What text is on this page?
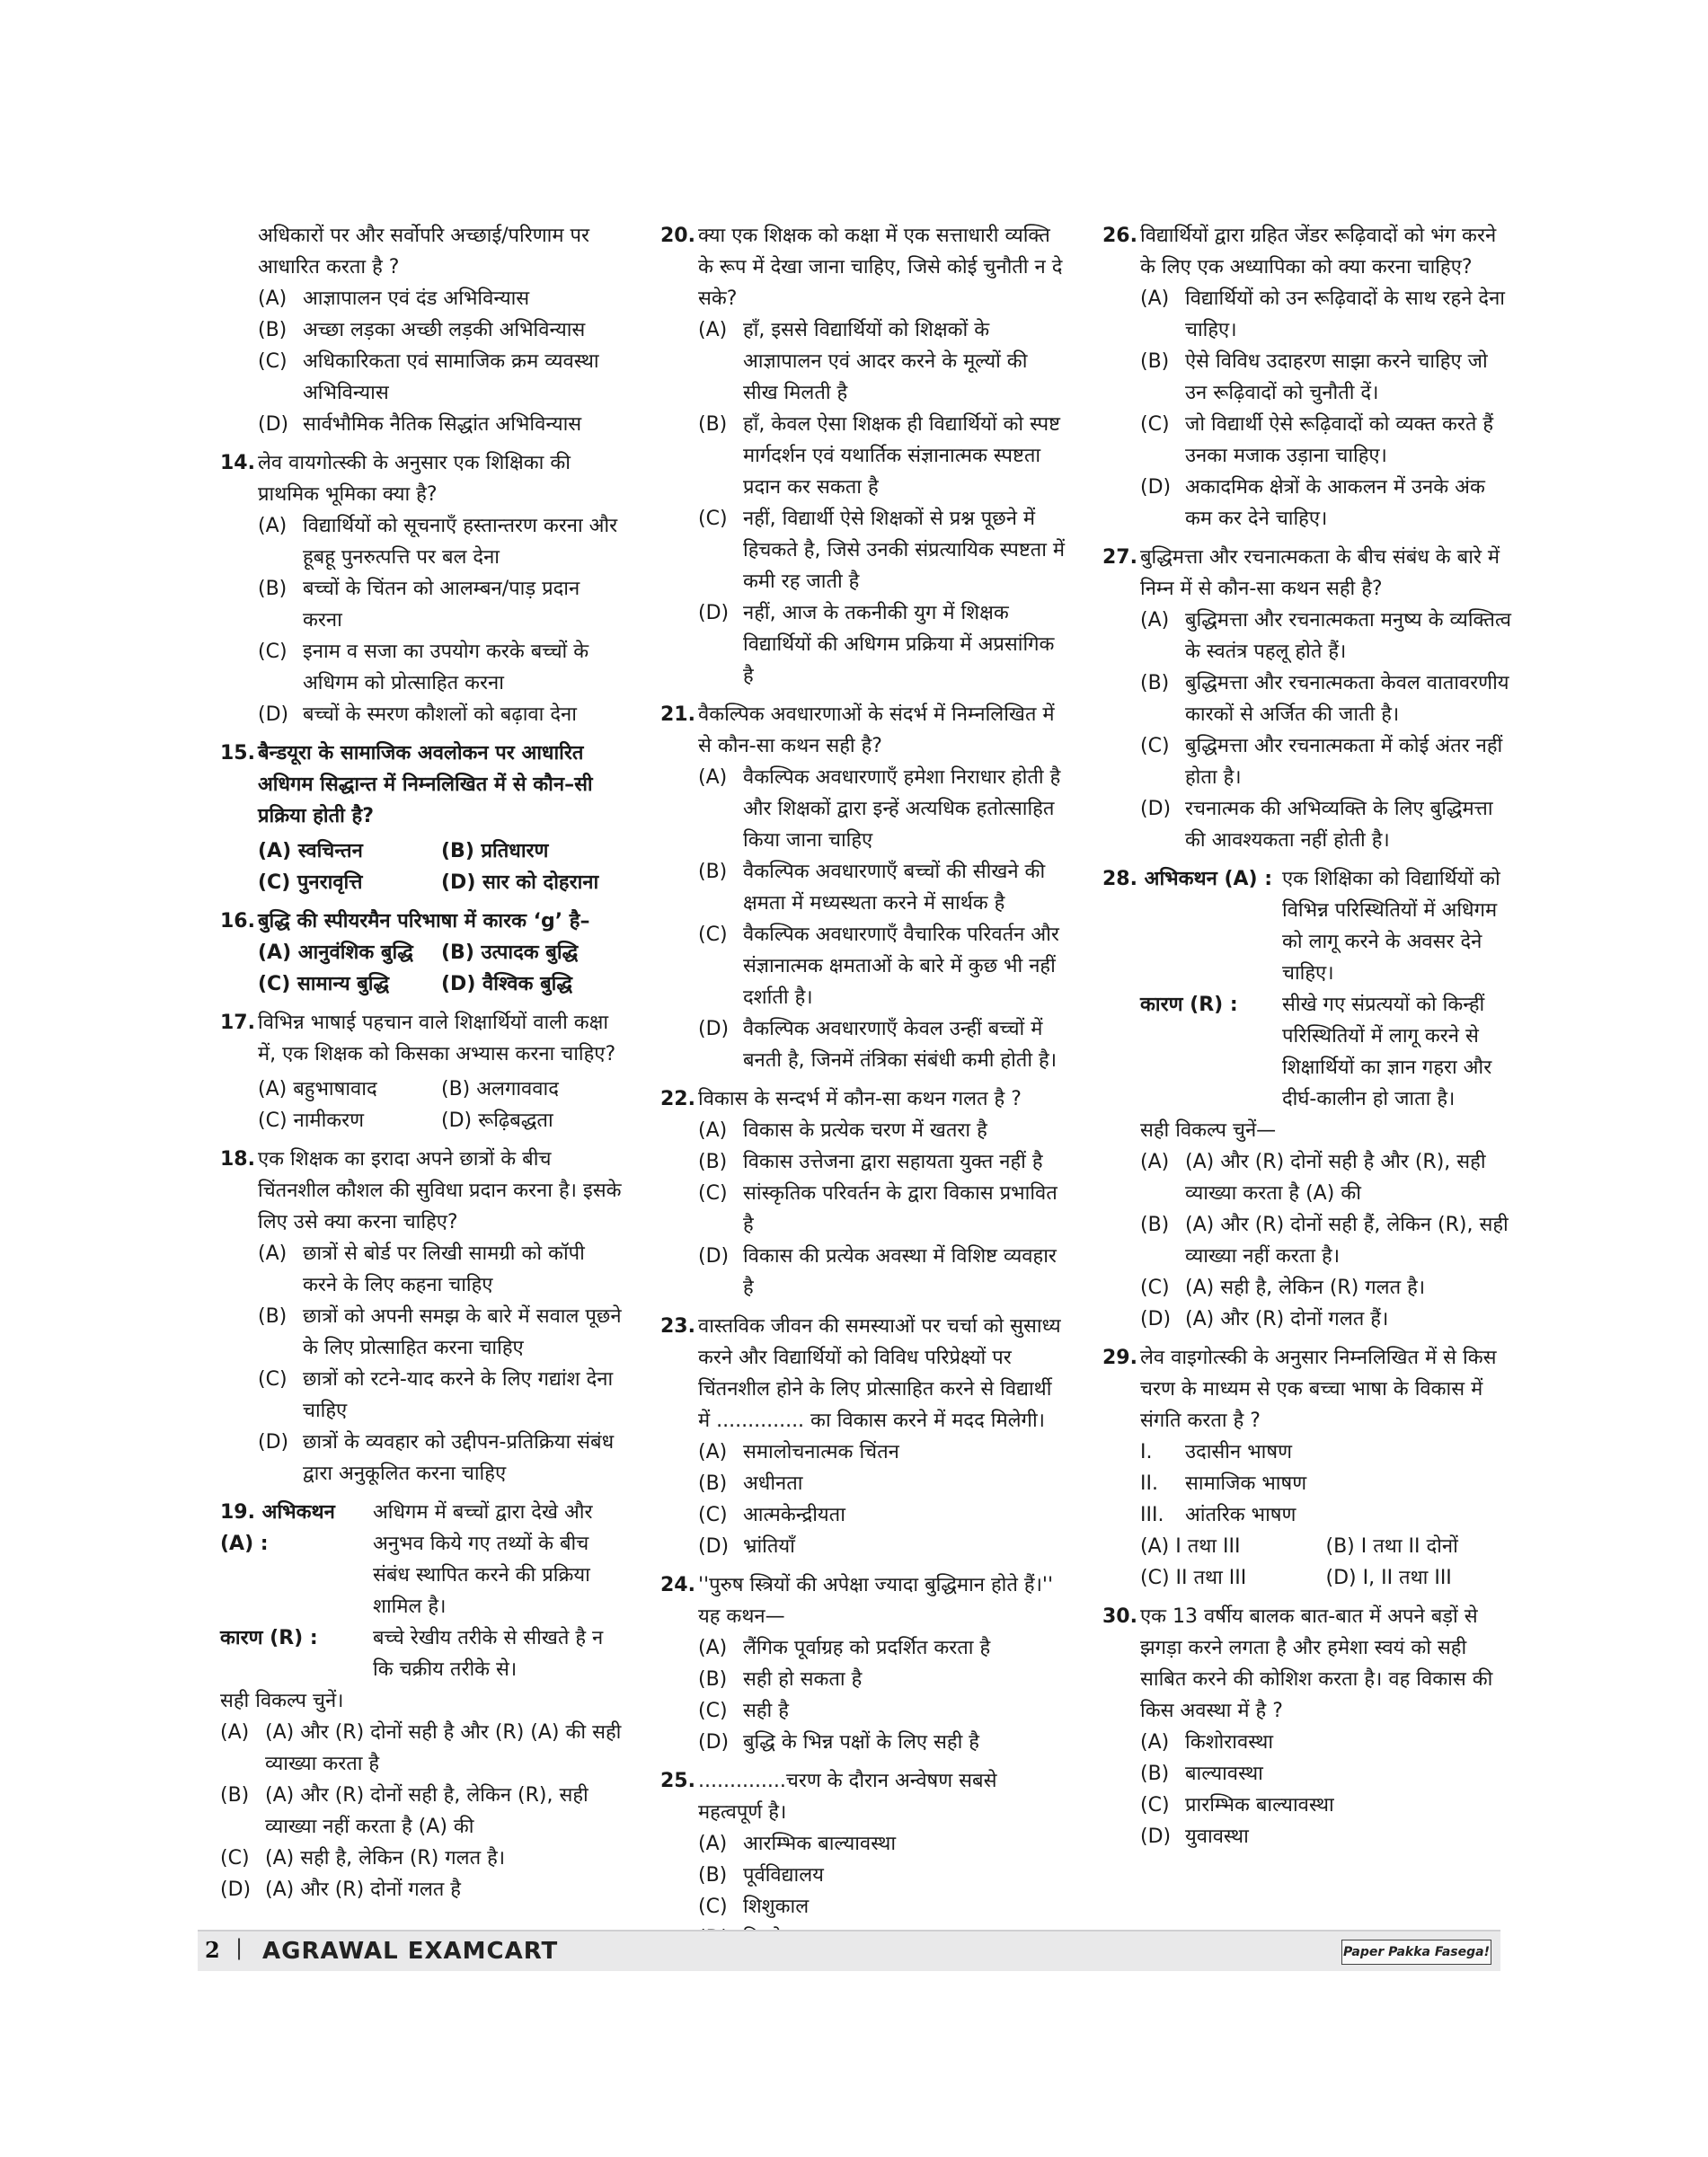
अधिकारों पर और सर्वोपरि अच्छाई/परिणाम पर आधारित करता है ?
(A) आज्ञापालन एवं दंड अभिविन्यास
(B) अच्छा लड़का अच्छी लड़की अभिविन्यास
(C) अधिकारिकता एवं सामाजिक क्रम व्यवस्था अभिविन्यास
(D) सार्वभौमिक नैतिक सिद्धांत अभिविन्यास
14. लेव वायगोत्स्की के अनुसार एक शिक्षिका की प्राथमिक भूमिका क्या है?
(A) विद्यार्थियों को सूचनाएँ हस्तान्तरण करना और हूबहू पुनरुत्पत्ति पर बल देना
(B) बच्चों के चिंतन को आलम्बन/पाड़ प्रदान करना
(C) इनाम व सजा का उपयोग करके बच्चों के अधिगम को प्रोत्साहित करना
(D) बच्चों के स्मरण कौशलों को बढ़ावा देना
15. बैन्डयूरा के सामाजिक अवलोकन पर आधारित अधिगम सिद्धान्त में निम्नलिखित में से कौन–सी प्रक्रिया होती है?
(A) स्वचिन्तन	(B) प्रतिधारण
(C) पुनरावृत्ति	(D) सार को दोहराना
16. बुद्धि की स्पीयरमैन परिभाषा में कारक ‘g’ है–
(A) आनुवंशिक बुद्धि	(B) उत्पादक बुद्धि
(C) सामान्य बुद्धि	(D) वैश्विक बुद्धि
17. विभिन्न भाषाई पहचान वाले शिक्षार्थियों वाली कक्षा में, एक शिक्षक को किसका अभ्यास करना चाहिए?
(A) बहुभाषावाद	(B) अलगाववाद
(C) नामीकरण	(D) रूढ़िबद्धता
18. एक शिक्षक का इरादा अपने छात्रों के बीच चिंतनशील कौशल की सुविधा प्रदान करना है। इसके लिए उसे क्या करना चाहिए?
(A) छात्रों से बोर्ड पर लिखी सामग्री को कॉपी करने के लिए कहना चाहिए
(B) छात्रों को अपनी समझ के बारे में सवाल पूछने के लिए प्रोत्साहित करना चाहिए
(C) छात्रों को रटने-याद करने के लिए गद्यांश देना चाहिए
(D) छात्रों के व्यवहार को उद्दीपन-प्रतिक्रिया संबंध द्वारा अनुकूलित करना चाहिए
19. अभिकथन (A) :
अधिगम में बच्चों द्वारा देखे और अनुभव किये गए तथ्यों के बीच संबंध स्थापित करने की प्रक्रिया शामिल है।
कारण (R) :	बच्चे रेखीय तरीके से सीखते है न कि चक्रीय तरीके से।
सही विकल्प चुनें।
(A) (A) और (R) दोनों सही है और (R) (A) की सही व्याख्या करता है
(B) (A) और (R) दोनों सही है, लेकिन (R), सही व्याख्या नहीं करता है (A) की
(C) (A) सही है, लेकिन (R) गलत है।
(D) (A) और (R) दोनों गलत है
20. क्या एक शिक्षक को कक्षा में एक सत्ताधारी व्यक्ति के रूप में देखा जाना चाहिए, जिसे कोई चुनौती न दे सके?
(A) हाँ, इससे विद्यार्थियों को शिक्षकों के आज्ञापालन एवं आदर करने के मूल्यों की सीख मिलती है
(B) हाँ, केवल ऐसा शिक्षक ही विद्यार्थियों को स्पष्ट मार्गदर्शन एवं यथार्तिक संज्ञानात्मक स्पष्टता प्रदान कर सकता है
(C) नहीं, विद्यार्थी ऐसे शिक्षकों से प्रश्न पूछने में हिचकते है, जिसे उनकी संप्रत्यायिक स्पष्टता में कमी रह जाती है
(D) नहीं, आज के तकनीकी युग में शिक्षक विद्यार्थियों की अधिगम प्रक्रिया में अप्रसांगिक है
21. वैकल्पिक अवधारणाओं के संदर्भ में निम्नलिखित में से कौन-सा कथन सही है?
(A) वैकल्पिक अवधारणाएँ हमेशा निराधार होती है और शिक्षकों द्वारा इन्हें अत्यधिक हतोत्साहित किया जाना चाहिए
(B) वैकल्पिक अवधारणाएँ बच्चों की सीखने की क्षमता में मध्यस्थता करने में सार्थक है
(C) वैकल्पिक अवधारणाएँ वैचारिक परिवर्तन और संज्ञानात्मक क्षमताओं के बारे में कुछ भी नहीं दर्शाती है।
(D) वैकल्पिक अवधारणाएँ केवल उन्हीं बच्चों में बनती है, जिनमें तंत्रिका संबंधी कमी होती है।
22. विकास के सन्दर्भ में कौन-सा कथन गलत है ?
(A) विकास के प्रत्येक चरण में खतरा है
(B) विकास उत्तेजना द्वारा सहायता युक्त नहीं है
(C) सांस्कृतिक परिवर्तन के द्वारा विकास प्रभावित है
(D) विकास की प्रत्येक अवस्था में विशिष्ट व्यवहार है
23. वास्तविक जीवन की समस्याओं पर चर्चा को सुसाध्य करने और विद्यार्थियों को विविध परिप्रेक्ष्यों पर चिंतनशील होने के लिए प्रोत्साहित करने से विद्यार्थी में .............. का विकास करने में मदद मिलेगी।
(A) समालोचनात्मक चिंतन
(B) अधीनता
(C) आत्मकेन्द्रीयता
(D) भ्रांतियाँ
24. ''पुरुष स्त्रियों की अपेक्षा ज्यादा बुद्धिमान होते हैं।'' यह कथन—
(A) लैंगिक पूर्वाग्रह को प्रदर्शित करता है
(B) सही हो सकता है
(C) सही है
(D) बुद्धि के भिन्न पक्षों के लिए सही है
25. ..............चरण के दौरान अन्वेषण सबसे महत्वपूर्ण है।
(A) आरम्भिक बाल्यावस्था
(B) पूर्वविद्यालय
(C) शिशुकाल
26. विद्यार्थियों द्वारा ग्रहित जेंडर रूढ़िवादों को भंग करने के लिए एक अध्यापिका को क्या करना चाहिए?
(A) विद्यार्थियों को उन रूढ़िवादों के साथ रहने देना चाहिए।
(B) ऐसे विविध उदाहरण साझा करने चाहिए जो उन रूढ़िवादों को चुनौती दें।
(C) जो विद्यार्थी ऐसे रूढ़िवादों को व्यक्त करते हैं उनका मजाक उड़ाना चाहिए।
(D) अकादमिक क्षेत्रों के आकलन में उनके अंक कम कर देने चाहिए।
27. बुद्धिमत्ता और रचनात्मकता के बीच संबंध के बारे में निम्न में से कौन-सा कथन सही है?
(A) बुद्धिमत्ता और रचनात्मकता मनुष्य के व्यक्तित्व के स्वतंत्र पहलू होते हैं।
(B) बुद्धिमत्ता और रचनात्मकता केवल वातावरणीय कारकों से अर्जित की जाती है।
(C) बुद्धिमत्ता और रचनात्मकता में कोई अंतर नहीं होता है।
(D) रचनात्मक की अभिव्यक्ति के लिए बुद्धिमत्ता की आवश्यकता नहीं होती है।
28. अभिकथन (A) : एक शिक्षिका को विद्यार्थियों को विभिन्न परिस्थितियों में अधिगम को लागू करने के अवसर देने चाहिए।
कारण (R) :	सीखे गए संप्रत्ययों को किन्हीं परिस्थितियों में लागू करने से शिक्षार्थियों का ज्ञान गहरा और दीर्घ-कालीन हो जाता है।
सही विकल्प चुनें—
(A) (A) और (R) दोनों सही है और (R), सही व्याख्या करता है (A) की
(B) (A) और (R) दोनों सही हैं, लेकिन (R), सही व्याख्या नहीं करता है।
(C) (A) सही है, लेकिन (R) गलत है।
(D) (A) और (R) दोनों गलत हैं।
29. लेव वाइगोत्स्की के अनुसार निम्नलिखित में से किस चरण के माध्यम से एक बच्चा भाषा के विकास में संगति करता है ?
I. उदासीन भाषण
II. सामाजिक भाषण
III. आंतरिक भाषण
(A) I तथा III	(B) I तथा II दोनों
(C) II तथा III	(D) I, II तथा III
30. एक 13 वर्षीय बालक बात-बात में अपने बड़ों से झगड़ा करने लगता है और हमेशा स्वयं को सही साबित करने की कोशिश करता है। वह विकास की किस अवस्था में है ?
(A) किशोरावस्था
(B) बाल्यावस्था
(C) प्रारम्भिक बाल्यावस्था
(D) युवावस्था
2 | AGRAWAL EXAMCART	Paper Pakka Fasega!
